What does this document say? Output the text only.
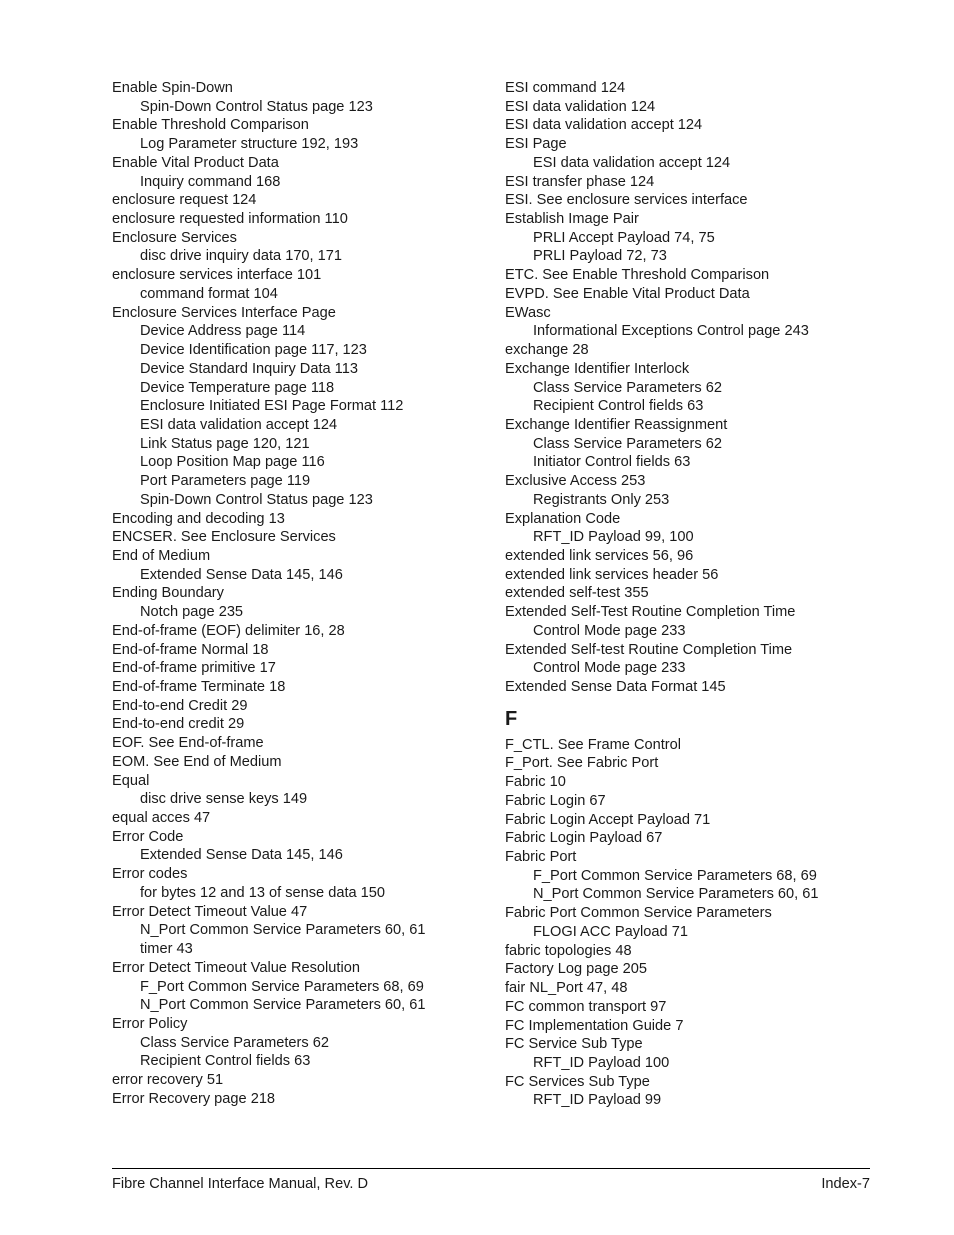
Enable Spin-Down
Spin-Down Control Status page 123
Enable Threshold Comparison
Log Parameter structure 192, 193
Enable Vital Product Data
Inquiry command 168
enclosure request 124
enclosure requested information 110
Enclosure Services
disc drive inquiry data 170, 171
enclosure services interface 101
command format 104
Enclosure Services Interface Page
Device Address page 114
Device Identification page 117, 123
Device Standard Inquiry Data 113
Device Temperature page 118
Enclosure Initiated ESI Page Format 112
ESI data validation accept 124
Link Status page 120, 121
Loop Position Map page 116
Port Parameters page 119
Spin-Down Control Status page 123
Encoding and decoding 13
ENCSER. See Enclosure Services
End of Medium
Extended Sense Data 145, 146
Ending Boundary
Notch page 235
End-of-frame (EOF) delimiter 16, 28
End-of-frame Normal 18
End-of-frame primitive 17
End-of-frame Terminate 18
End-to-end Credit 29
End-to-end credit 29
EOF. See End-of-frame
EOM. See End of Medium
Equal
disc drive sense keys 149
equal acces 47
Error Code
Extended Sense Data 145, 146
Error codes
for bytes 12 and 13 of sense data 150
Error Detect Timeout Value 47
N_Port Common Service Parameters 60, 61
timer 43
Error Detect Timeout Value Resolution
F_Port Common Service Parameters 68, 69
N_Port Common Service Parameters 60, 61
Error Policy
Class Service Parameters 62
Recipient Control fields 63
error recovery 51
Error Recovery page 218
ESI command 124
ESI data validation 124
ESI data validation accept 124
ESI Page
ESI data validation accept 124
ESI transfer phase 124
ESI. See enclosure services interface
Establish Image Pair
PRLI Accept Payload 74, 75
PRLI Payload 72, 73
ETC. See Enable Threshold Comparison
EVPD. See Enable Vital Product Data
EWasc
Informational Exceptions Control page 243
exchange 28
Exchange Identifier Interlock
Class Service Parameters 62
Recipient Control fields 63
Exchange Identifier Reassignment
Class Service Parameters 62
Initiator Control fields 63
Exclusive Access 253
Registrants Only 253
Explanation Code
RFT_ID Payload 99, 100
extended link services 56, 96
extended link services header 56
extended self-test 355
Extended Self-Test Routine Completion Time
Control Mode page 233
Extended Self-test Routine Completion Time
Control Mode page 233
Extended Sense Data Format 145
F
F_CTL. See Frame Control
F_Port. See Fabric Port
Fabric 10
Fabric Login 67
Fabric Login Accept Payload 71
Fabric Login Payload 67
Fabric Port
F_Port Common Service Parameters 68, 69
N_Port Common Service Parameters 60, 61
Fabric Port Common Service Parameters
FLOGI ACC Payload 71
fabric topologies 48
Factory Log page 205
fair NL_Port 47, 48
FC common transport 97
FC Implementation Guide 7
FC Service Sub Type
RFT_ID Payload 100
FC Services Sub Type
RFT_ID Payload 99
Fibre Channel Interface Manual, Rev. D	Index-7
